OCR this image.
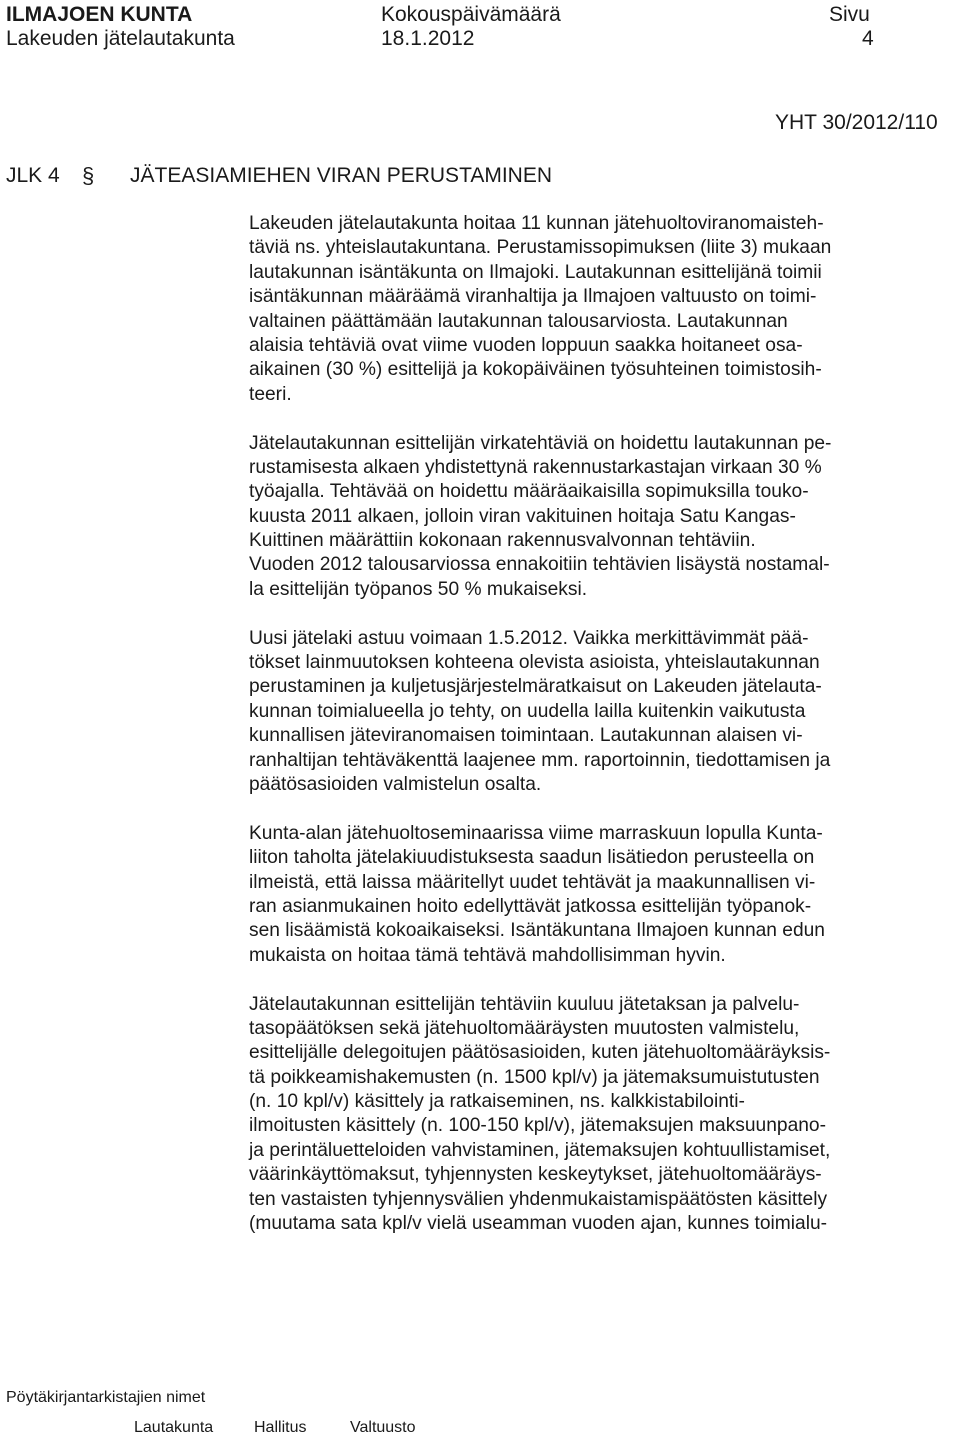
ILMAJOEN KUNTA	Kokouspäivämäärä	Sivu
Lakeuden jätelautakunta	18.1.2012	4
YHT 30/2012/110
JLK 4 § JÄTEASIAMIEHEN VIRAN PERUSTAMINEN
Lakeuden jätelautakunta hoitaa 11 kunnan jätehuoltoviranomaisteh-
täviä ns. yhteislautakuntana. Perustamissopimuksen (liite 3) mukaan
lautakunnan isäntäkunta on Ilmajoki. Lautakunnan esittelijänä toimii
isäntäkunnan määräämä viranhaltija ja Ilmajoen valtuusto on toimi-
valtainen päättämään lautakunnan talousarviosta. Lautakunnan
alaisia tehtäviä ovat viime vuoden loppuun saakka hoitaneet osa-
aikainen (30 %) esittelijä ja kokopäiväinen työsuhteinen toimistosih-
teeri.
Jätelautakunnan esittelijän virkatehtäviä on hoidettu lautakunnan pe-
rustamisesta alkaen yhdistettynä rakennustarkastajan virkaan 30 %
työajalla. Tehtävää on hoidettu määräaikaisilla sopimuksilla touko-
kuusta 2011 alkaen, jolloin viran vakituinen hoitaja Satu Kangas-
Kuittinen määrättiin kokonaan rakennusvalvonnan tehtäviin.
Vuoden 2012 talousarviossa ennakoitiin tehtävien lisäystä nostamal-
la esittelijän työpanos 50 % mukaiseksi.
Uusi jätelaki astuu voimaan 1.5.2012. Vaikka merkittävimmät pää-
tökset lainmuutoksen kohteena olevista asioista, yhteislautakunnan
perustaminen ja kuljetusjärjestelmäratkaisut on Lakeuden jätelauta-
kunnan toimialueella jo tehty, on uudella lailla kuitenkin vaikutusta
kunnallisen jäteviranomaisen toimintaan. Lautakunnan alaisen vi-
ranhaltijan tehtäväkenttä laajenee mm. raportoinnin, tiedottamisen ja
päätösasioiden valmistelun osalta.
Kunta-alan jätehuoltoseminaarissa viime marraskuun lopulla Kunta-
liiton taholta jätelakiuudistuksesta saadun lisätiedon perusteella on
ilmeistä, että laissa määritellyt uudet tehtävät ja maakunnallisen vi-
ran asianmukainen hoito edellyttävät jatkossa esittelijän työpanok-
sen lisäämistä kokoaikaiseksi. Isäntäkuntana Ilmajoen kunnan edun
mukaista on hoitaa tämä tehtävä mahdollisimman hyvin.
Jätelautakunnan esittelijän tehtäviin kuuluu jätetaksan ja palvelu-
tasopäätöksen sekä jätehuoltomääräysten muutosten valmistelu,
esittelijälle delegoitujen päätösasioiden, kuten jätehuoltomääräyksis-
tä poikkeamishakemusten (n. 1500 kpl/v) ja jätemaksumuistutusten
(n. 10 kpl/v) käsittely ja ratkaiseminen, ns. kalkkistabilointi-
ilmoitusten käsittely (n. 100-150 kpl/v), jätemaksujen maksuunpano-
ja perintäluetteloiden vahvistaminen, jätemaksujen kohtuullistamiset,
väärinkäyttömaksut, tyhjennysten keskeytykset, jätehuoltomääräys-
ten vastaisten tyhjennysvälien yhdenmukaistamispäätösten käsittely
(muutama sata kpl/v vielä useamman vuoden ajan, kunnes toimialu-
Pöytäkirjantarkistajien nimet
Lautakunta	Hallitus	Valtuusto
